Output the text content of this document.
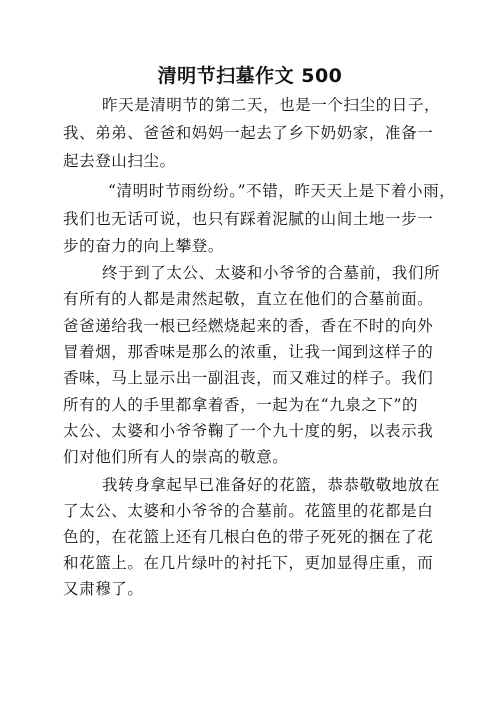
清明节扫墓作文 500
昨天是清明节的第二天，也是一个扫尘的日子，
我、弟弟、爸爸和妈妈一起去了乡下奶奶家，准备一
起去登山扫尘。
“清明时节雨纷纷。”不错，昨天天上是下着小雨，
我们也无话可说，也只有踩着泥腻的山间土地一步一
步的奋力的向上攀登。
终于到了太公、太婆和小爷爷的合墓前，我们所
有所有的人都是肃然起敬，直立在他们的合墓前面。
爸爸递给我一根已经燃烧起来的香，香在不时的向外
冒着烟，那香味是那么的浓重，让我一闻到这样子的
香味，马上显示出一副沮丧，而又难过的样子。我们
所有的人的手里都拿着香，一起为在“九泉之下”的
太公、太婆和小爷爷鞠了一个九十度的躬，以表示我
们对他们所有人的崇高的敬意。
我转身拿起早已准备好的花篮，恭恭敬敬地放在
了太公、太婆和小爷爷的合墓前。花篮里的花都是白
色的，在花篮上还有几根白色的带子死死的捆在了花
和花篮上。在几片绿叶的衬托下，更加显得庄重，而
又肃穆了。
